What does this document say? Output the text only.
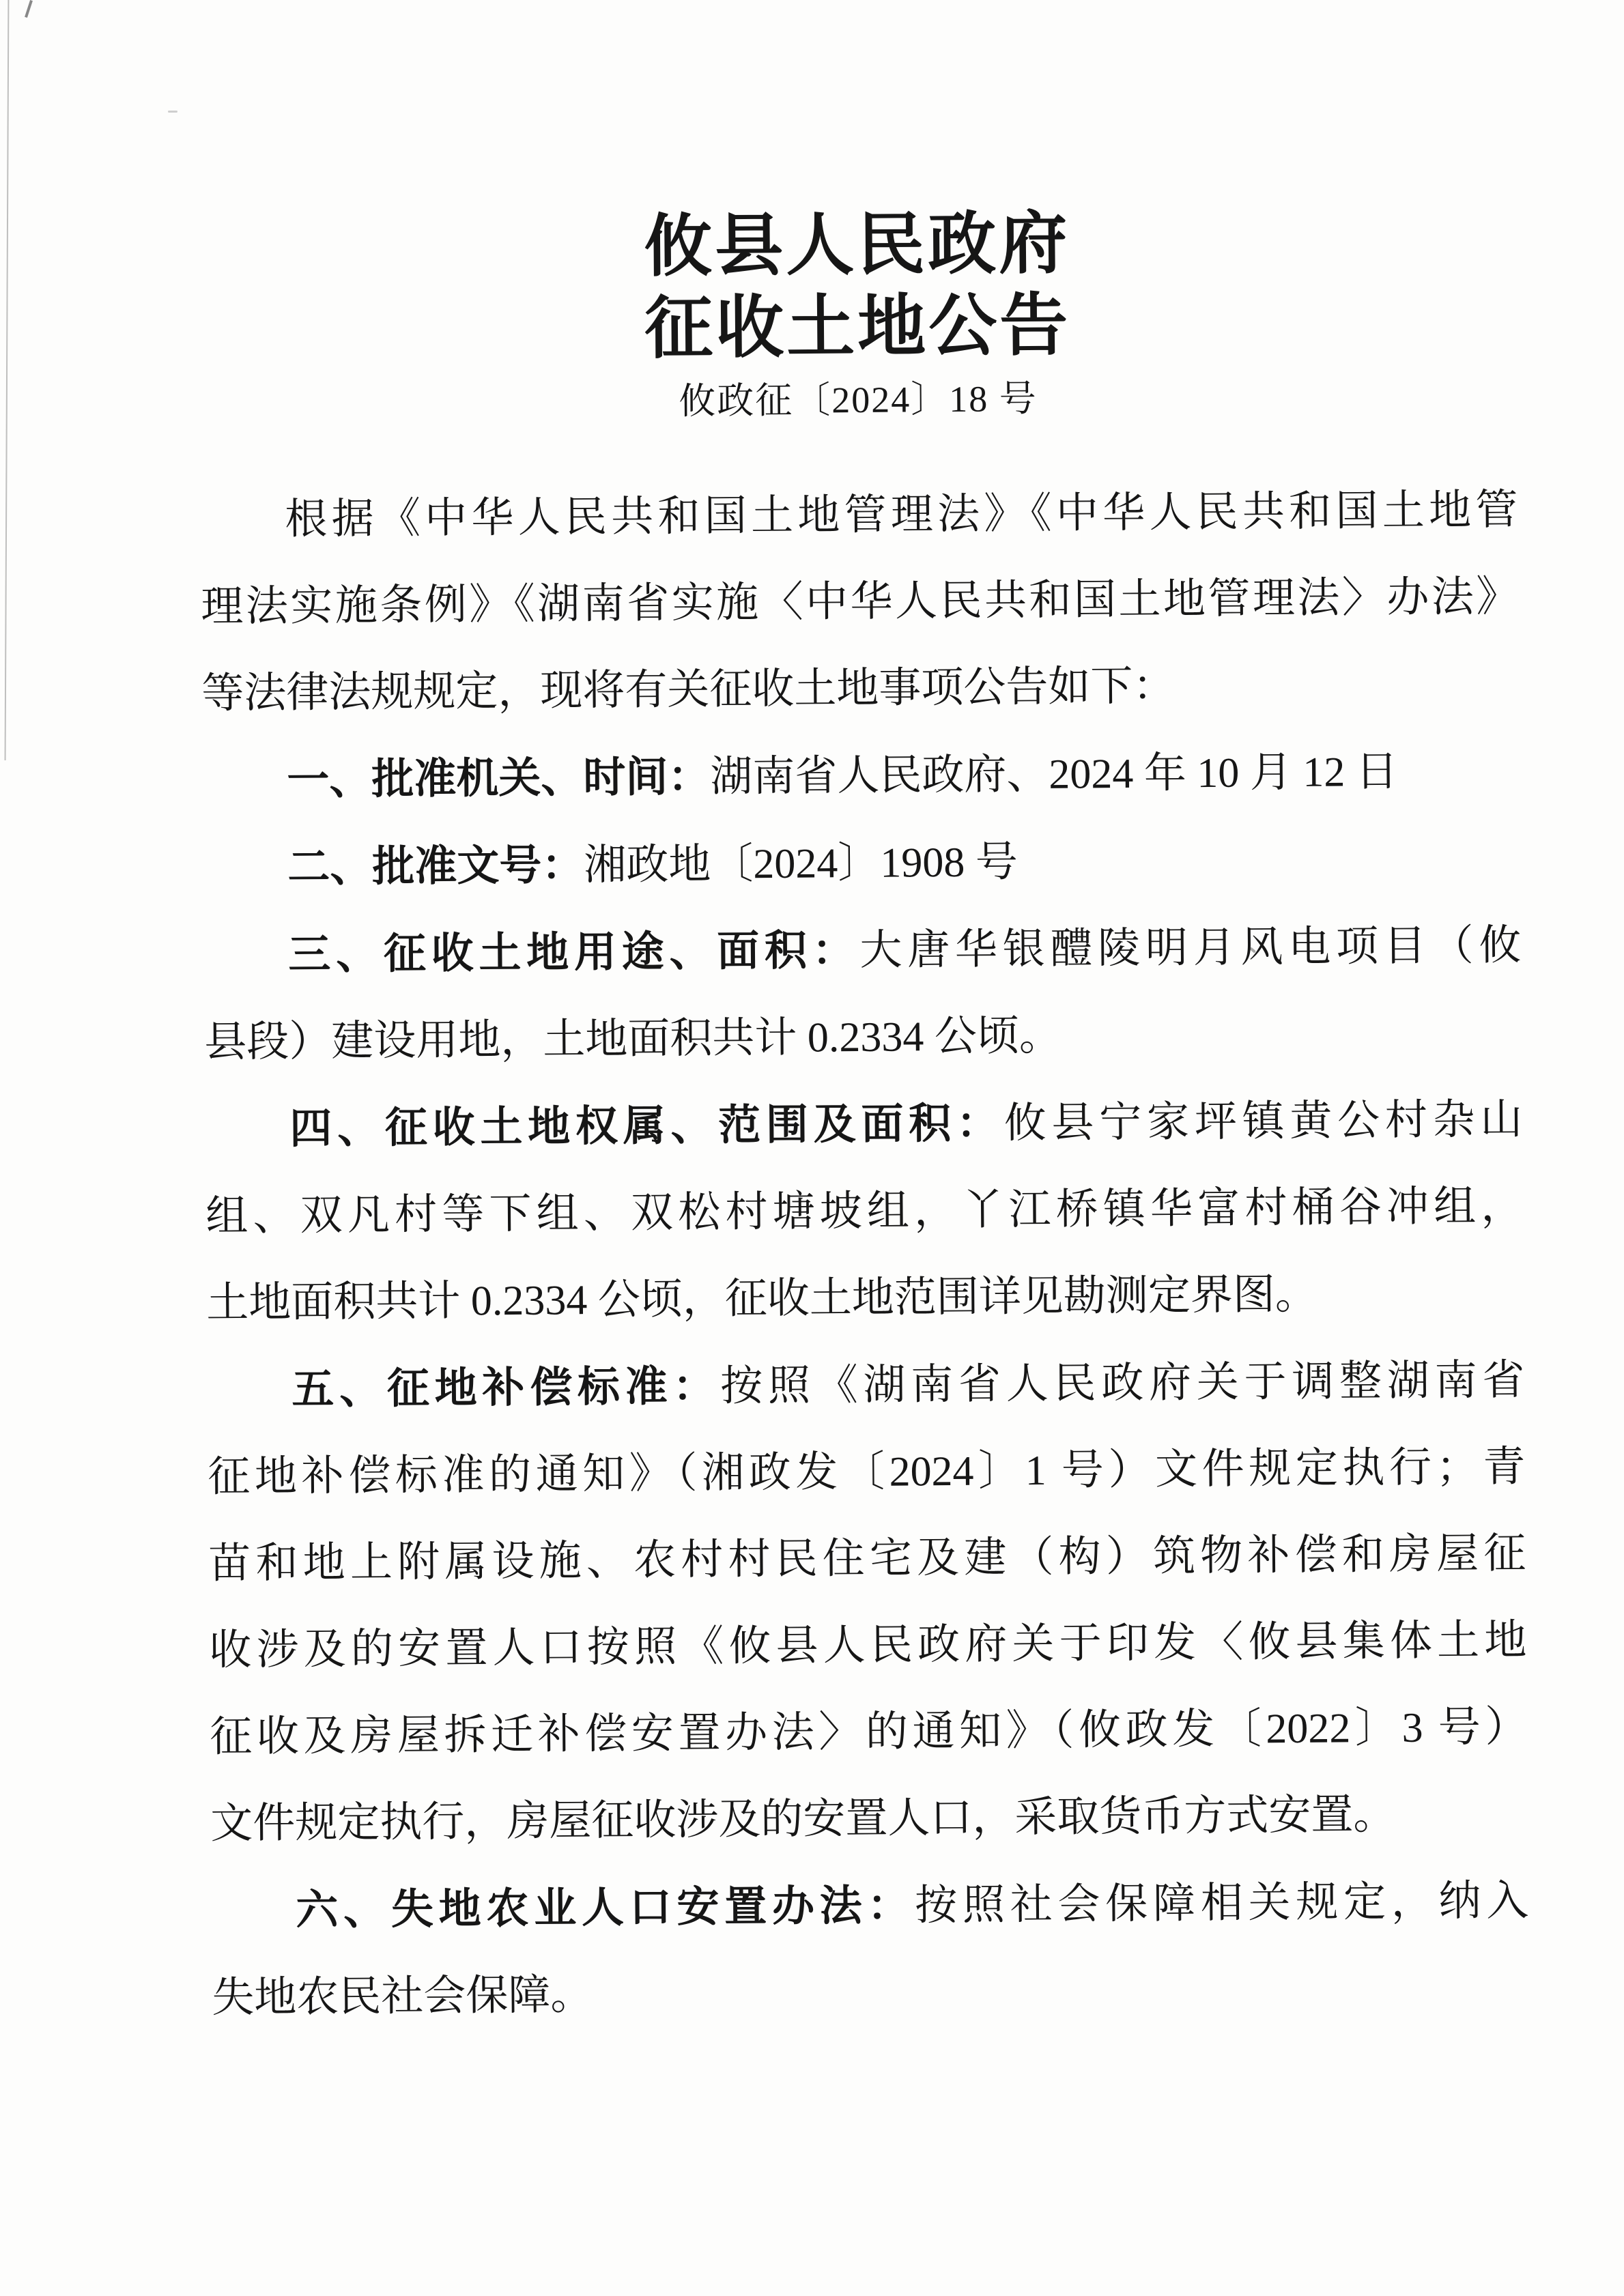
攸县人民政府
征收土地公告
攸政征〔2024〕18 号
根据《中华人民共和国土地管理法》《中华人民共和国土地管
理法实施条例》《湖南省实施〈中华人民共和国土地管理法〉办法》
等法律法规规定，现将有关征收土地事项公告如下：
一、批准机关、时间：湖南省人民政府、2024 年 10 月 12 日
二、批准文号：湘政地〔2024〕1908 号
三、征收土地用途、面积：大唐华银醴陵明月风电项目（攸
县段）建设用地，土地面积共计 0.2334 公顷。
四、征收土地权属、范围及面积：攸县宁家坪镇黄公村杂山
组、双凡村等下组、双松村塘坡组，丫江桥镇华富村桶谷冲组，
土地面积共计 0.2334 公顷，征收土地范围详见勘测定界图。
五、征地补偿标准：按照《湖南省人民政府关于调整湖南省
征地补偿标准的通知》（湘政发〔2024〕1 号）文件规定执行；青
苗和地上附属设施、农村村民住宅及建（构）筑物补偿和房屋征
收涉及的安置人口按照《攸县人民政府关于印发〈攸县集体土地
征收及房屋拆迁补偿安置办法〉的通知》（攸政发〔2022〕3 号）
文件规定执行，房屋征收涉及的安置人口，采取货币方式安置。
六、失地农业人口安置办法：按照社会保障相关规定，纳入
失地农民社会保障。
